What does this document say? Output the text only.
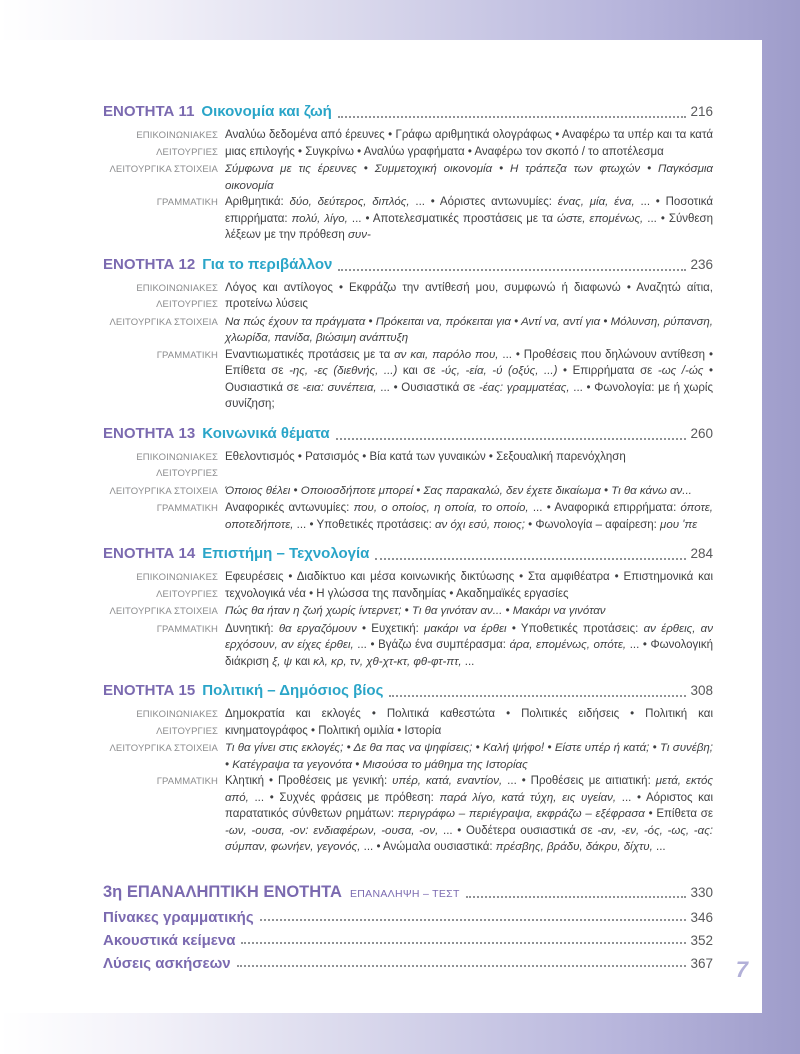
ΕΝΟΤΗΤΑ 11 Οικονομία και ζωή	216
ΕΠΙΚΟΙΝΩΝΙΑΚΕΣ ΛΕΙΤΟΥΡΓΙΕΣ
Αναλύω δεδομένα από έρευνες • Γράφω αριθμητικά ολογράφως • Αναφέρω τα υπέρ και τα κατά μιας επιλογής • Συγκρίνω • Αναλύω γραφήματα • Αναφέρω τον σκοπό / το αποτέλεσμα
ΛΕΙΤΟΥΡΓΙΚΑ ΣΤΟΙΧΕΙΑ Σύμφωνα με τις έρευνες • Συμμετοχική οικονομία • Η τράπεζα των φτωχών • Παγκόσμια οικονομία
ΓΡΑΜΜΑΤΙΚΗ Αριθμητικά: δύο, δεύτερος, διπλός, ... • Αόριστες αντωνυμίες: ένας, μία, ένα, ... • Ποσοτικά επιρρήματα: πολύ, λίγο, ... • Αποτελεσματικές προστάσεις με τα ώστε, επομένως, ... • Σύνθεση λέξεων με την πρόθεση συν-
ΕΝΟΤΗΤΑ 12 Για το περιβάλλον	236
ΕΠΙΚΟΙΝΩΝΙΑΚΕΣ ΛΕΙΤΟΥΡΓΙΕΣ
Λόγος και αντίλογος • Εκφράζω την αντίθεσή μου, συμφωνώ ή διαφωνώ • Αναζητώ αίτια, προτείνω λύσεις
ΛΕΙΤΟΥΡΓΙΚΑ ΣΤΟΙΧΕΙΑ Να πώς έχουν τα πράγματα • Πρόκειται να, πρόκειται για • Αντί να, αντί για • Μόλυνση, ρύπανση, χλωρίδα, πανίδα, βιώσιμη ανάπτυξη
ΓΡΑΜΜΑΤΙΚΗ Εναντιωματικές προτάσεις με τα αν και, παρόλο που, ... • Προθέσεις που δηλώνουν αντίθεση • Επίθετα σε -ης, -ες (διεθνής, ...) και σε -ύς, -εία, -ύ (οξύς, ...) • Επιρρήματα σε -ως /-ώς • Ουσιαστικά σε -εια: συνέπεια, ... • Ουσιαστικά σε -έας: γραμματέας, ... • Φωνολογία: με ή χωρίς συνίζηση;
ΕΝΟΤΗΤΑ 13 Κοινωνικά θέματα	260
ΕΠΙΚΟΙΝΩΝΙΑΚΕΣ ΛΕΙΤΟΥΡΓΙΕΣ
Εθελοντισμός • Ρατσισμός • Βία κατά των γυναικών • Σεξουαλική παρενόχληση
ΛΕΙΤΟΥΡΓΙΚΑ ΣΤΟΙΧΕΙΑ Όποιος θέλει • Οποιοσδήποτε μπορεί • Σας παρακαλώ, δεν έχετε δικαίωμα • Τι θα κάνω αν...
ΓΡΑΜΜΑΤΙΚΗ Αναφορικές αντωνυμίες: που, ο οποίος, η οποία, το οποίο, ... • Αναφορικά επιρρήματα: όποτε, οποτεδήποτε, ... • Υποθετικές προτάσεις: αν όχι εσύ, ποιος; • Φωνολογία – αφαίρεση: μου 'πε
ΕΝΟΤΗΤΑ 14 Επιστήμη – Τεχνολογία	284
ΕΠΙΚΟΙΝΩΝΙΑΚΕΣ ΛΕΙΤΟΥΡΓΙΕΣ
Εφευρέσεις • Διαδίκτυο και μέσα κοινωνικής δικτύωσης • Στα αμφιθέατρα • Επιστημονικά και τεχνολογικά νέα • Η γλώσσα της πανδημίας • Ακαδημαϊκές εργασίες
ΛΕΙΤΟΥΡΓΙΚΑ ΣΤΟΙΧΕΙΑ Πώς θα ήταν η ζωή χωρίς ίντερνετ; • Τι θα γινόταν αν... • Μακάρι να γινόταν
ΓΡΑΜΜΑΤΙΚΗ Δυνητική: θα εργαζόμουν • Ευχετική: μακάρι να έρθει • Υποθετικές προτάσεις: αν έρθεις, αν ερχόσουν, αν είχες έρθει, ... • Βγάζω ένα συμπέρασμα: άρα, επομένως, οπότε, ... • Φωνολογική διάκριση ξ, ψ και κλ, κρ, τν, χθ-χτ-κτ, φθ-φτ-πτ, ...
ΕΝΟΤΗΤΑ 15 Πολιτική – Δημόσιος βίος	308
ΕΠΙΚΟΙΝΩΝΙΑΚΕΣ ΛΕΙΤΟΥΡΓΙΕΣ
Δημοκρατία και εκλογές • Πολιτικά καθεστώτα • Πολιτικές ειδήσεις • Πολιτική και κινηματογράφος • Πολιτική ομιλία • Ιστορία
ΛΕΙΤΟΥΡΓΙΚΑ ΣΤΟΙΧΕΙΑ Τι θα γίνει στις εκλογές; • Δε θα πας να ψηφίσεις; • Καλή ψήφο! • Είστε υπέρ ή κατά; • Τι συνέβη; • Κατέγραψα τα γεγονότα • Μισούσα το μάθημα της Ιστορίας
ΓΡΑΜΜΑΤΙΚΗ Κλητική • Προθέσεις με γενική: υπέρ, κατά, εναντίον, ... • Προθέσεις με αιτιατική: μετά, εκτός από, ... • Συχνές φράσεις με πρόθεση: παρά λίγο, κατά τύχη, εις υγείαν, ... • Αόριστος και παρατατικός σύνθετων ρημάτων: περιγράφω – περιέγραψα, εκφράζω – εξέφρασα • Επίθετα σε -ων, -ουσα, -ον: ενδιαφέρων, -ουσα, -ον, ... • Ουδέτερα ουσιαστικά σε -αν, -εν, -ός, -ως, -ας: σύμπαν, φωνήεν, γεγονός, ... • Ανώμαλα ουσιαστικά: πρέσβης, βράδυ, δάκρυ, δίχτυ, ...
3η ΕΠΑΝΑΛΗΠΤΙΚΗ ΕΝΟΤΗΤΑ ΕΠΑΝΑΛΗΨΗ – ΤΕΣΤ	330
Πίνακες γραμματικής	346
Ακουστικά κείμενα	352
Λύσεις ασκήσεων	367 7
